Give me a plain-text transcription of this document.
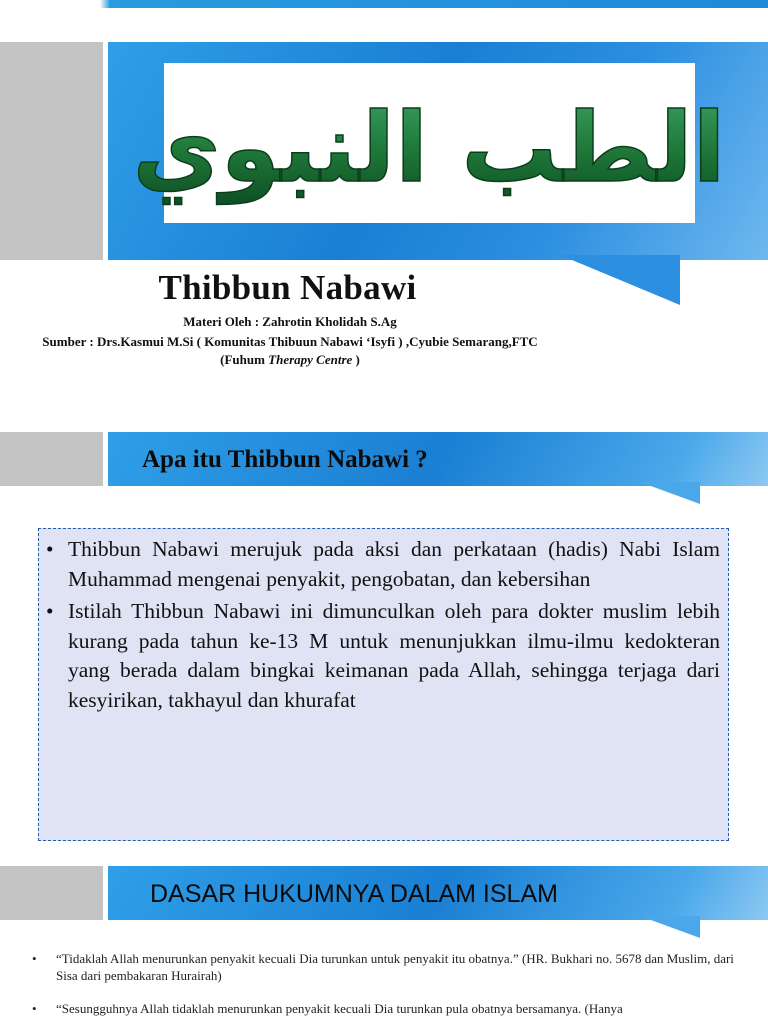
الطب النبوي
Thibbun Nabawi
Materi Oleh : Zahrotin Kholidah S.Ag
Sumber : Drs.Kasmui M.Si ( Komunitas Thibuun Nabawi ‘Isyfi ) ,Cyubie Semarang,FTC
(Fuhum Therapy Centre )
Apa itu Thibbun Nabawi ?
• Thibbun Nabawi merujuk pada aksi dan perkataan (hadis) Nabi Islam Muhammad mengenai penyakit, pengobatan, dan kebersihan
• Istilah Thibbun Nabawi ini dimunculkan oleh para dokter muslim lebih kurang pada tahun ke-13 M untuk menunjukkan ilmu-ilmu kedokteran yang berada dalam bingkai keimanan pada Allah, sehingga terjaga dari kesyirikan, takhayul dan khurafat
DASAR HUKUMNYA DALAM ISLAM
• “Tidaklah Allah menurunkan penyakit kecuali Dia turunkan untuk penyakit itu obatnya.” (HR. Bukhari no. 5678 dan Muslim, dari Sisa dari pembakaran Hurairah)
• “Sesungguhnya Allah tidaklah menurunkan penyakit kecuali Dia turunkan pula obatnya bersamanya. (Hanya
